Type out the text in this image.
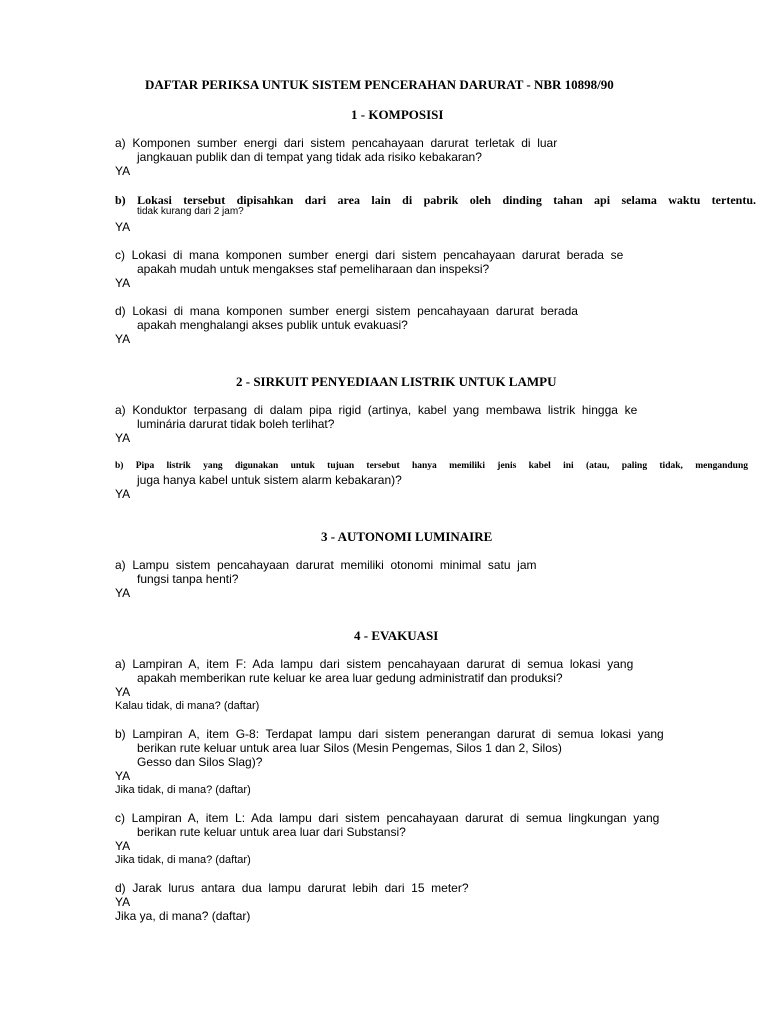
DAFTAR PERIKSA UNTUK SISTEM PENCERAHAN DARURAT - NBR 10898/90
1 - KOMPOSISI
a)  Komponen  sumber  energi  dari  sistem  pencahayaan  darurat  terletak  di  luar
jangkauan publik dan di tempat yang tidak ada risiko kebakaran?
YA
b) Lokasi tersebut dipisahkan dari area lain di pabrik oleh dinding tahan api selama waktu tertentu.
tidak kurang dari 2 jam?
YA
c)  Lokasi  di  mana  komponen  sumber  energi  dari  sistem  pencahayaan  darurat  berada  se
apakah mudah untuk mengakses staf pemeliharaan dan inspeksi?
YA
d)  Lokasi  di  mana  komponen  sumber  energi  sistem  pencahayaan  darurat  berada
apakah menghalangi akses publik untuk evakuasi?
YA
2 - SIRKUIT PENYEDIAAN LISTRIK UNTUK LAMPU
a)  Konduktor  terpasang  di  dalam  pipa  rigid  (artinya,  kabel  yang  membawa  listrik  hingga  ke
luminária darurat tidak boleh terlihat?
YA
b) Pipa listrik yang digunakan untuk tujuan tersebut hanya memiliki jenis kabel ini (atau, paling tidak, mengandung
juga hanya kabel untuk sistem alarm kebakaran)?
YA
3 - AUTONOMI LUMINAIRE
a)  Lampu  sistem  pencahayaan  darurat  memiliki  otonomi  minimal  satu  jam
fungsi tanpa henti?
YA
4 - EVAKUASI
a)  Lampiran  A,  item  F:  Ada  lampu  dari  sistem  pencahayaan  darurat  di  semua  lokasi  yang
apakah memberikan rute keluar ke area luar gedung administratif dan produksi?
YA
Kalau tidak, di mana? (daftar)
b)  Lampiran  A,  item  G-8:  Terdapat  lampu  dari  sistem  penerangan  darurat  di  semua  lokasi  yang
berikan rute keluar untuk area luar Silos (Mesin Pengemas, Silos 1 dan 2, Silos)
Gesso dan Silos Slag)?
YA
Jika tidak, di mana? (daftar)
c)  Lampiran  A,  item  L:  Ada  lampu  dari  sistem  pencahayaan  darurat  di  semua  lingkungan  yang
berikan rute keluar untuk area luar dari Substansi?
YA
Jika tidak, di mana? (daftar)
d)  Jarak  lurus  antara  dua  lampu  darurat  lebih  dari  15  meter?
YA
Jika ya, di mana? (daftar)
